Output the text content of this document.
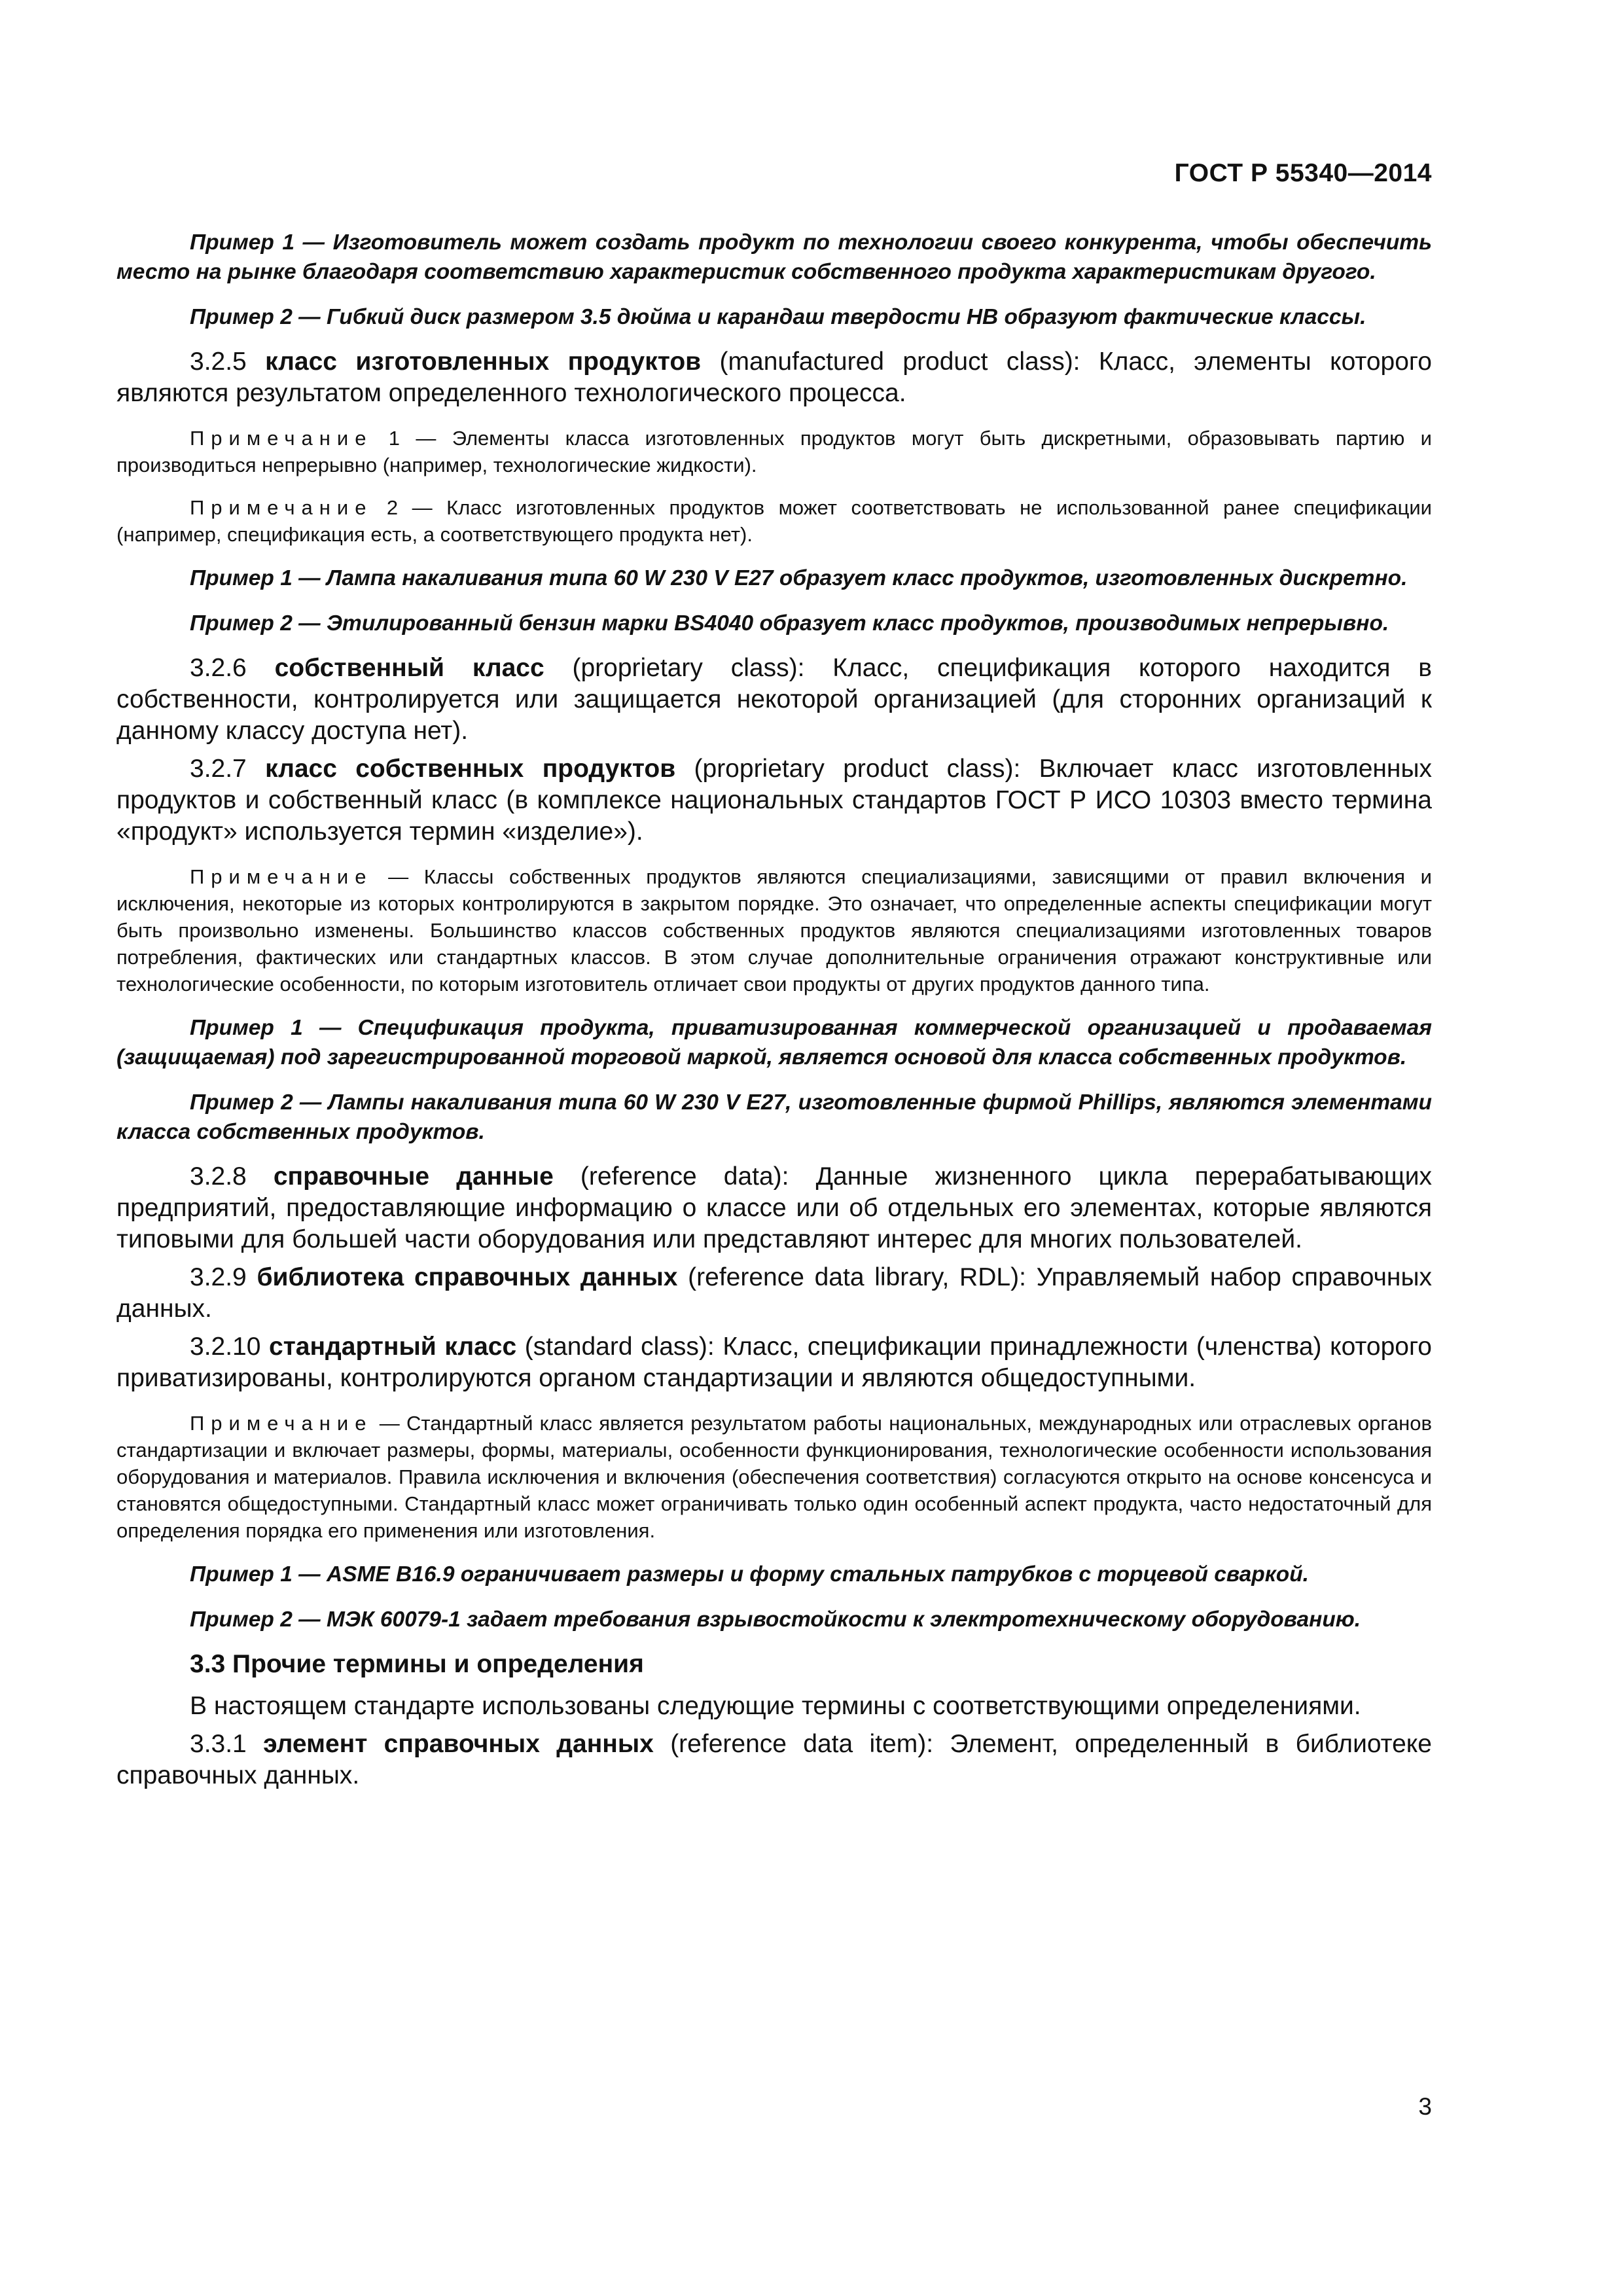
ГОСТ Р 55340—2014

Пример 1 — Изготовитель может создать продукт по технологии своего конкурента, чтобы обеспечить место на рынке благодаря соответствию характеристик собственного продукта характеристикам другого.

Пример 2 — Гибкий диск размером 3.5 дюйма и карандаш твердости НВ образуют фактические классы.

3.2.5 класс изготовленных продуктов (manufactured product class): Класс, элементы которого являются результатом определенного технологического процесса.

Примечание 1 — Элементы класса изготовленных продуктов могут быть дискретными, образовывать партию и производиться непрерывно (например, технологические жидкости).

Примечание 2 — Класс изготовленных продуктов может соответствовать не использованной ранее спецификации (например, спецификация есть, а соответствующего продукта нет).

Пример 1 — Лампа накаливания типа 60 W 230 V E27 образует класс продуктов, изготовленных дискретно.

Пример 2 — Этилированный бензин марки BS4040 образует класс продуктов, производимых непрерывно.

3.2.6 собственный класс (proprietary class): Класс, спецификация которого находится в собственности, контролируется или защищается некоторой организацией (для сторонних организаций к данному классу доступа нет).

3.2.7 класс собственных продуктов (proprietary product class): Включает класс изготовленных продуктов и собственный класс (в комплексе национальных стандартов ГОСТ Р ИСО 10303 вместо термина «продукт» используется термин «изделие»).

Примечание — Классы собственных продуктов являются специализациями, зависящими от правил включения и исключения, некоторые из которых контролируются в закрытом порядке. Это означает, что определенные аспекты спецификации могут быть произвольно изменены. Большинство классов собственных продуктов являются специализациями изготовленных товаров потребления, фактических или стандартных классов. В этом случае дополнительные ограничения отражают конструктивные или технологические особенности, по которым изготовитель отличает свои продукты от других продуктов данного типа.

Пример 1 — Спецификация продукта, приватизированная коммерческой организацией и продаваемая (защищаемая) под зарегистрированной торговой маркой, является основой для класса собственных продуктов.

Пример 2 — Лампы накаливания типа 60 W 230 V E27, изготовленные фирмой Phillips, являются элементами класса собственных продуктов.

3.2.8 справочные данные (reference data): Данные жизненного цикла перерабатывающих предприятий, предоставляющие информацию о классе или об отдельных его элементах, которые являются типовыми для большей части оборудования или представляют интерес для многих пользователей.

3.2.9 библиотека справочных данных (reference data library, RDL): Управляемый набор справочных данных.

3.2.10 стандартный класс (standard class): Класс, спецификации принадлежности (членства) которого приватизированы, контролируются органом стандартизации и являются общедоступными.

Примечание — Стандартный класс является результатом работы национальных, международных или отраслевых органов стандартизации и включает размеры, формы, материалы, особенности функционирования, технологические особенности использования оборудования и материалов. Правила исключения и включения (обеспечения соответствия) согласуются открыто на основе консенсуса и становятся общедоступными. Стандартный класс может ограничивать только один особенный аспект продукта, часто недостаточный для определения порядка его применения или изготовления.

Пример 1 — ASME B16.9 ограничивает размеры и форму стальных патрубков с торцевой сваркой.

Пример 2 — МЭК 60079-1 задает требования взрывостойкости к электротехническому оборудованию.

3.3 Прочие термины и определения

В настоящем стандарте использованы следующие термины с соответствующими определениями.

3.3.1 элемент справочных данных (reference data item): Элемент, определенный в библиотеке справочных данных.

3
